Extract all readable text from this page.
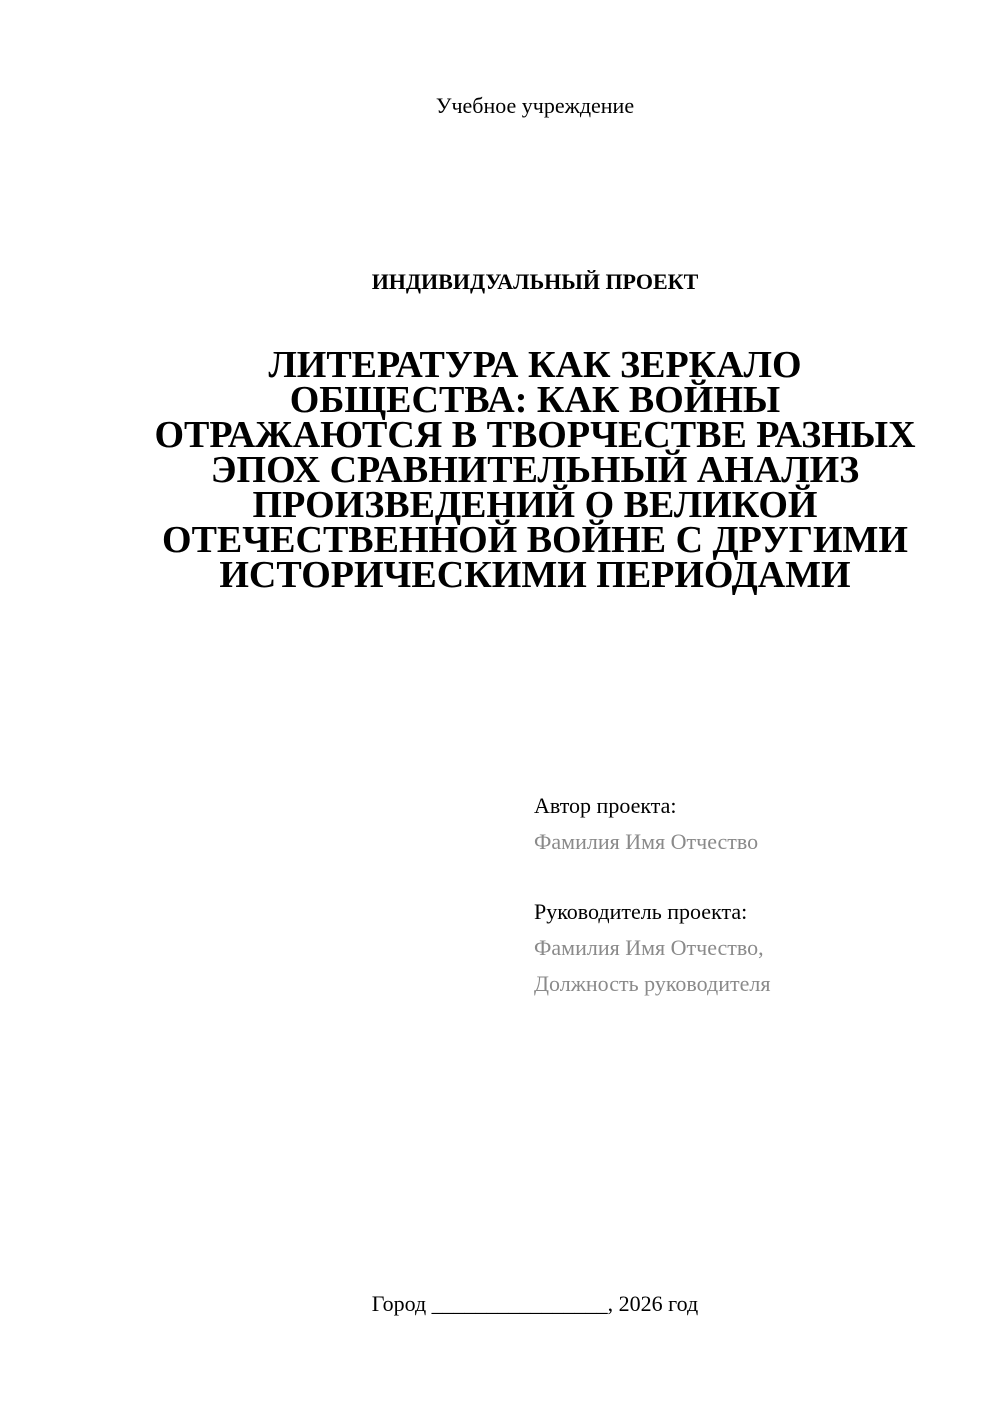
Учебное учреждение
ИНДИВИДУАЛЬНЫЙ ПРОЕКТ
ЛИТЕРАТУРА КАК ЗЕРКАЛО
ОБЩЕСТВА: КАК ВОЙНЫ
ОТРАЖАЮТСЯ В ТВОРЧЕСТВЕ РАЗНЫХ
ЭПОХ СРАВНИТЕЛЬНЫЙ АНАЛИЗ
ПРОИЗВЕДЕНИЙ О ВЕЛИКОЙ
ОТЕЧЕСТВЕННОЙ ВОЙНЕ С ДРУГИМИ
ИСТОРИЧЕСКИМИ ПЕРИОДАМИ
Автор проекта:
Фамилия Имя Отчество
Руководитель проекта:
Фамилия Имя Отчество,
Должность руководителя
Город ________________, 2026 год
